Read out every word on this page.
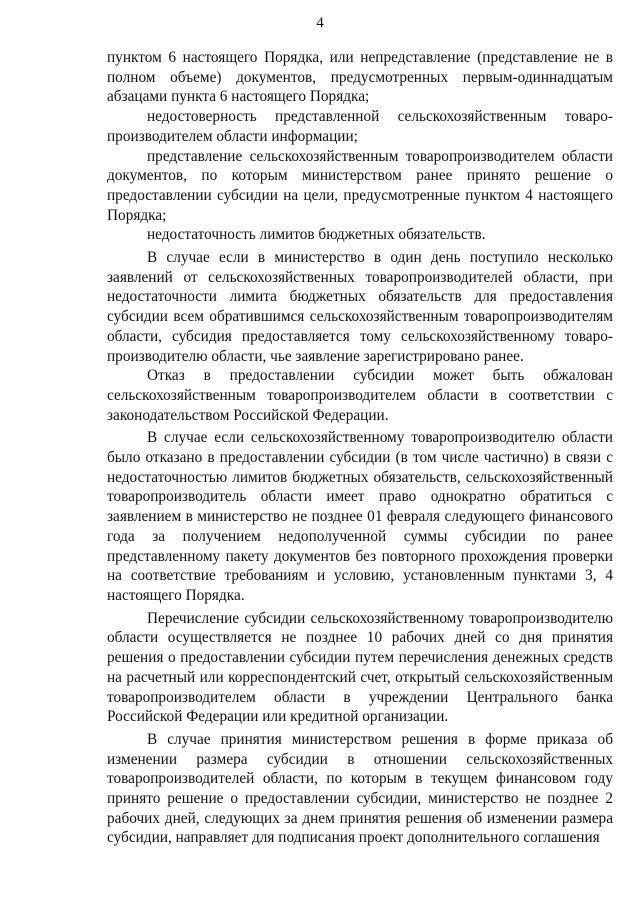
4

пунктом 6 настоящего Порядка, или непредставление (представление не в полном объеме) документов, предусмотренных первым-одиннадцатым абзацами пункта 6 настоящего Порядка;

недостоверность представленной сельскохозяйственным товаропроизводителем области информации;

представление сельскохозяйственным товаропроизводителем области документов, по которым министерством ранее принято решение о предоставлении субсидии на цели, предусмотренные пунктом 4 настоящего Порядка;

недостаточность лимитов бюджетных обязательств.

В случае если в министерство в один день поступило несколько заявлений от сельскохозяйственных товаропроизводителей области, при недостаточности лимита бюджетных обязательств для предоставления субсидии всем обратившимся сельскохозяйственным товаропроизводителям области, субсидия предоставляется тому сельскохозяйственному товаропроизводителю области, чье заявление зарегистрировано ранее.

Отказ в предоставлении субсидии может быть обжалован сельскохозяйственным товаропроизводителем области в соответствии с законодательством Российской Федерации.

В случае если сельскохозяйственному товаропроизводителю области было отказано в предоставлении субсидии (в том числе частично) в связи с недостаточностью лимитов бюджетных обязательств, сельскохозяйственный товаропроизводитель области имеет право однократно обратиться с заявлением в министерство не позднее 01 февраля следующего финансового года за получением недополученной суммы субсидии по ранее представленному пакету документов без повторного прохождения проверки на соответствие требованиям и условию, установленным пунктами 3, 4 настоящего Порядка.

Перечисление субсидии сельскохозяйственному товаропроизводителю области осуществляется не позднее 10 рабочих дней со дня принятия решения о предоставлении субсидии путем перечисления денежных средств на расчетный или корреспондентский счет, открытый сельскохозяйственным товаропроизводителем области в учреждении Центрального банка Российской Федерации или кредитной организации.

В случае принятия министерством решения в форме приказа об изменении размера субсидии в отношении сельскохозяйственных товаропроизводителей области, по которым в текущем финансовом году принято решение о предоставлении субсидии, министерство не позднее 2 рабочих дней, следующих за днем принятия решения об изменении размера субсидии, направляет для подписания проект дополнительного соглашения
